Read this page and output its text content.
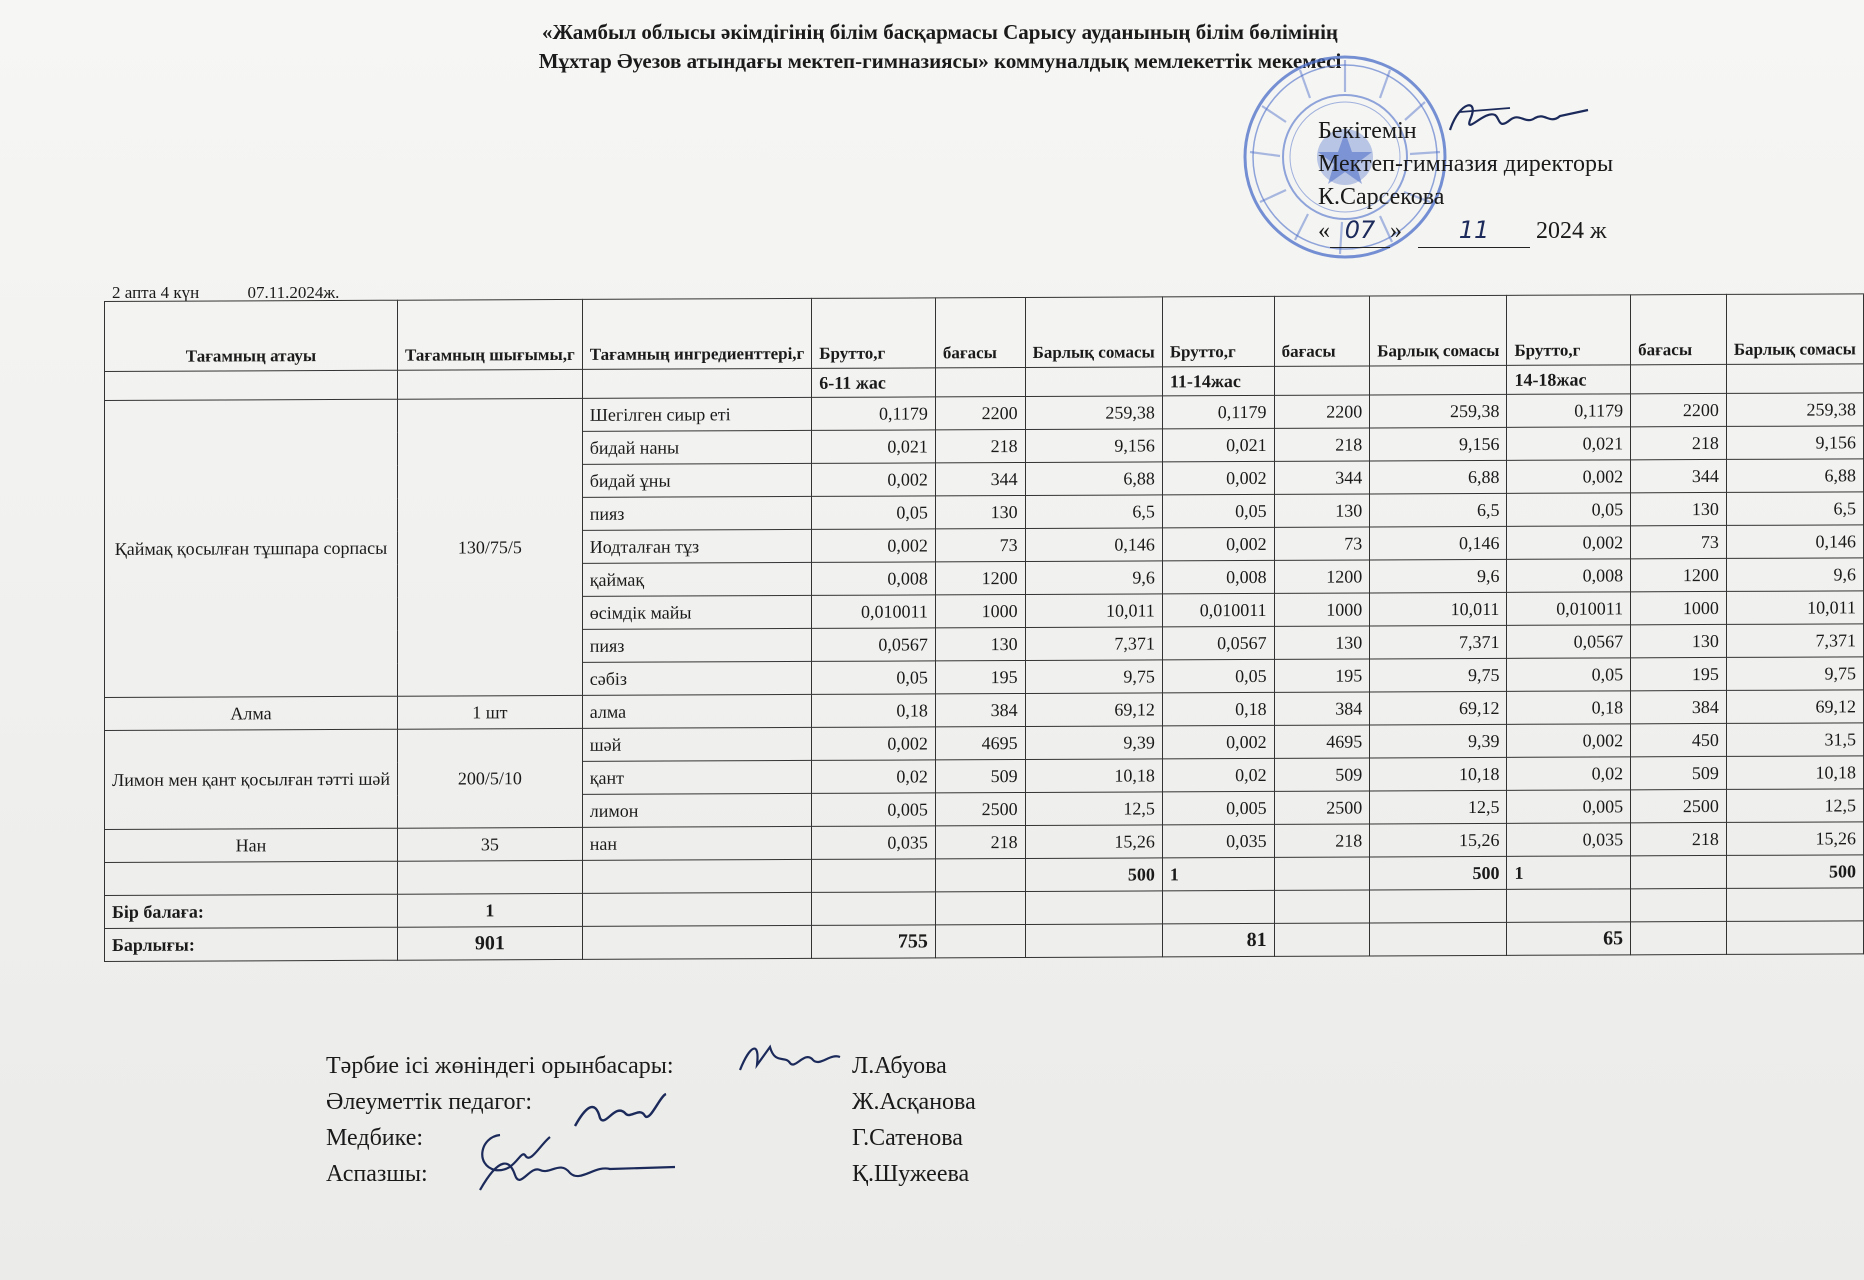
«Жамбыл облысы әкімдігінің білім басқармасы Сарысу ауданының білім бөлімінің
Мұхтар Әуезов атындағы мектеп-гимназиясы» коммуналдық мемлекеттік мекемесі
Бекітемін
Мектеп-гимназия директоры
К.Сарсекова
« 07 » 11 2024 ж
2 апта 4 күн	07.11.2024ж.

Тағамның атауы	Тағамның шығымы,г	Тағамның ингредиенттері,г	Брутто,г	бағасы	Барлық сомасы	Брутто,г	бағасы	Барлық сомасы	Брутто,г	бағасы	Барлық сомасы
			6-11 жас			11-14жас			14-18жас		
Қаймақ қосылған тұшпара сорпасы	130/75/5	Шегілген сиыр еті	0,1179	2200	259,38	0,1179	2200	259,38	0,1179	2200	259,38
		бидай наны	0,021	218	9,156	0,021	218	9,156	0,021	218	9,156
		бидай ұны	0,002	344	6,88	0,002	344	6,88	0,002	344	6,88
		пияз	0,05	130	6,5	0,05	130	6,5	0,05	130	6,5
		Иодталған тұз	0,002	73	0,146	0,002	73	0,146	0,002	73	0,146
		қаймақ	0,008	1200	9,6	0,008	1200	9,6	0,008	1200	9,6
		өсімдік майы	0,010011	1000	10,011	0,010011	1000	10,011	0,010011	1000	10,011
		пияз	0,0567	130	7,371	0,0567	130	7,371	0,0567	130	7,371
		сәбіз	0,05	195	9,75	0,05	195	9,75	0,05	195	9,75
Алма	1 шт	алма	0,18	384	69,12	0,18	384	69,12	0,18	384	69,12
Лимон мен қант қосылған тәтті шәй	200/5/10	шәй	0,002	4695	9,39	0,002	4695	9,39	0,002	450	31,5
		қант	0,02	509	10,18	0,02	509	10,18	0,02	509	10,18
		лимон	0,005	2500	12,5	0,005	2500	12,5	0,005	2500	12,5
Нан	35	нан	0,035	218	15,26	0,035	218	15,26	0,035	218	15,26
					500	1		500	1		500
Бір балаға:	1										
Барлығы:	901		755			81			65		
Тәрбие ісі жөніндегі орынбасары:	Л.Абуова
Әлеуметтік педагог:	Ж.Асқанова
Медбике:	Г.Сатенова
Аспазшы:	Қ.Шужеева
